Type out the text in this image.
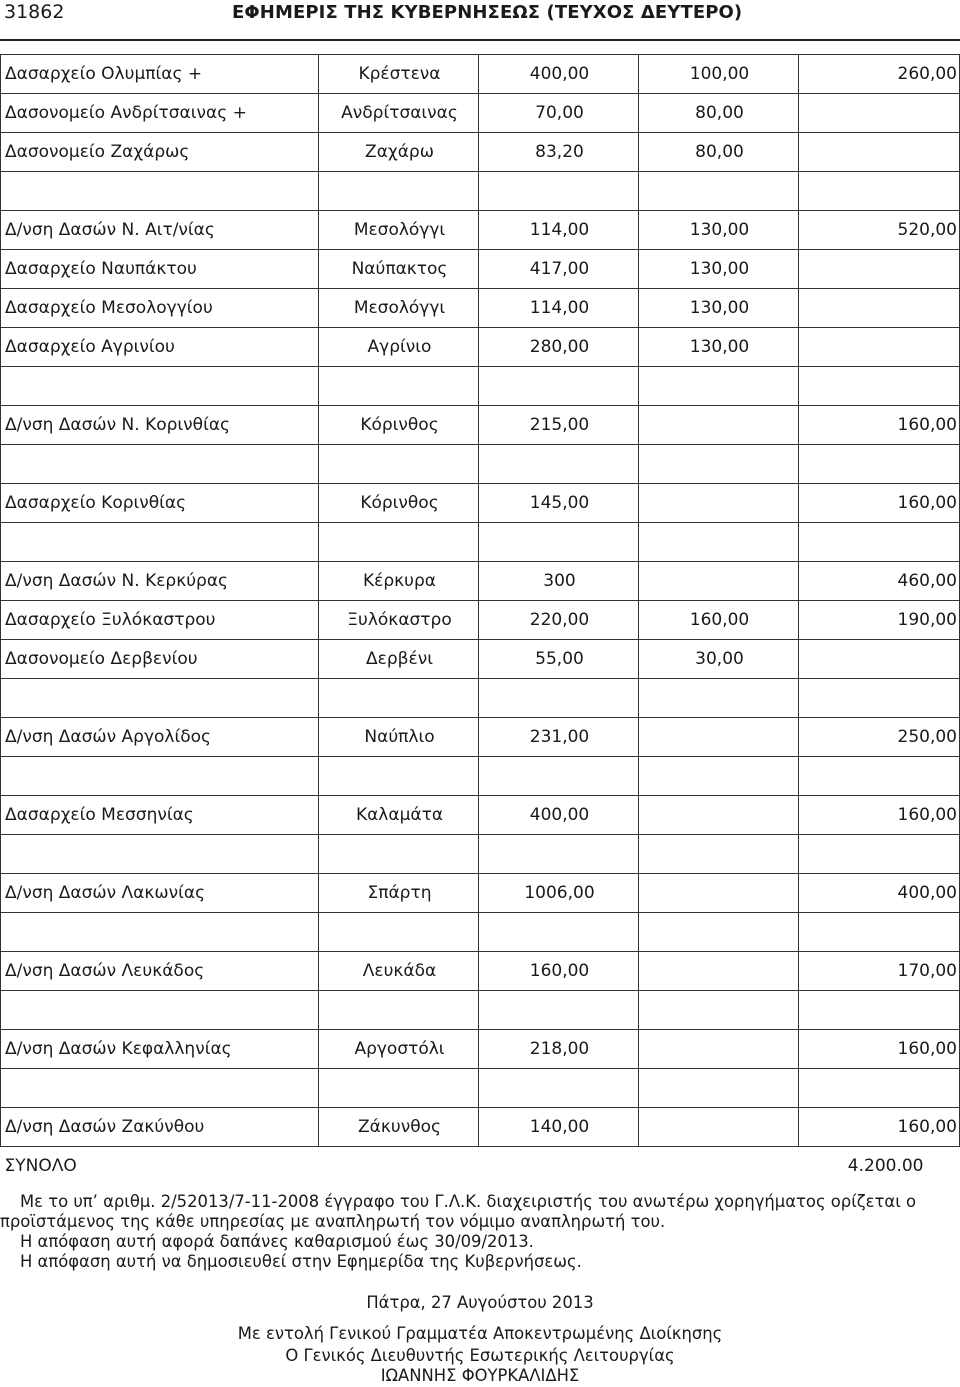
31862	ΕΦΗΜΕΡΙΣ ΤΗΣ ΚΥΒΕΡΝΗΣΕΩΣ (ΤΕΥΧΟΣ ΔΕΥΤΕΡΟ)
Δασαρχείο Ολυμπίας +	Κρέστενα	400,00	100,00	260,00
Δασονομείο Ανδρίτσαινας +	Ανδρίτσαινας	70,00	80,00	
Δασονομείο Ζαχάρως	Ζαχάρω	83,20	80,00	

Δ/νση Δασών Ν. Αιτ/νίας	Μεσολόγγι	114,00	130,00	520,00
Δασαρχείο Ναυπάκτου	Ναύπακτος	417,00	130,00	
Δασαρχείο Μεσολογγίου	Μεσολόγγι	114,00	130,00	
Δασαρχείο Αγρινίου	Αγρίνιο	280,00	130,00	

Δ/νση Δασών Ν. Κορινθίας	Κόρινθος	215,00		160,00

Δασαρχείο Κορινθίας	Κόρινθος	145,00		160,00

Δ/νση Δασών Ν. Κερκύρας	Κέρκυρα	300		460,00
Δασαρχείο Ξυλόκαστρου	Ξυλόκαστρο	220,00	160,00	190,00
Δασονομείο Δερβενίου	Δερβένι	55,00	30,00	

Δ/νση Δασών Αργολίδος	Ναύπλιο	231,00		250,00

Δασαρχείο Μεσσηνίας	Καλαμάτα	400,00		160,00

Δ/νση Δασών Λακωνίας	Σπάρτη	1006,00		400,00

Δ/νση Δασών Λευκάδος	Λευκάδα	160,00		170,00

Δ/νση Δασών Κεφαλληνίας	Αργοστόλι	218,00		160,00

Δ/νση Δασών Ζακύνθου	Ζάκυνθος	140,00		160,00
ΣΥΝΟΛΟ				4.200.00

Με το υπ’ αριθμ. 2/52013/7-11-2008 έγγραφο του Γ.Λ.Κ. διαχειριστής του ανωτέρω χορηγήματος ορίζεται ο

προϊστάμενος της κάθε υπηρεσίας με αναπληρωτή τον νόμιμο αναπληρωτή του.

Η απόφαση αυτή αφορά δαπάνες καθαρισμού έως 30/09/2013.

Η απόφαση αυτή να δημοσιευθεί στην Εφημερίδα της Κυβερνήσεως.

Πάτρα, 27 Αυγούστου 2013
Με εντολή Γενικού Γραμματέα Αποκεντρωμένης Διοίκησης
Ο Γενικός Διευθυντής Εσωτερικής Λειτουργίας
ΙΩΑΝΝΗΣ ΦΟΥΡΚΑΛΙΔΗΣ
